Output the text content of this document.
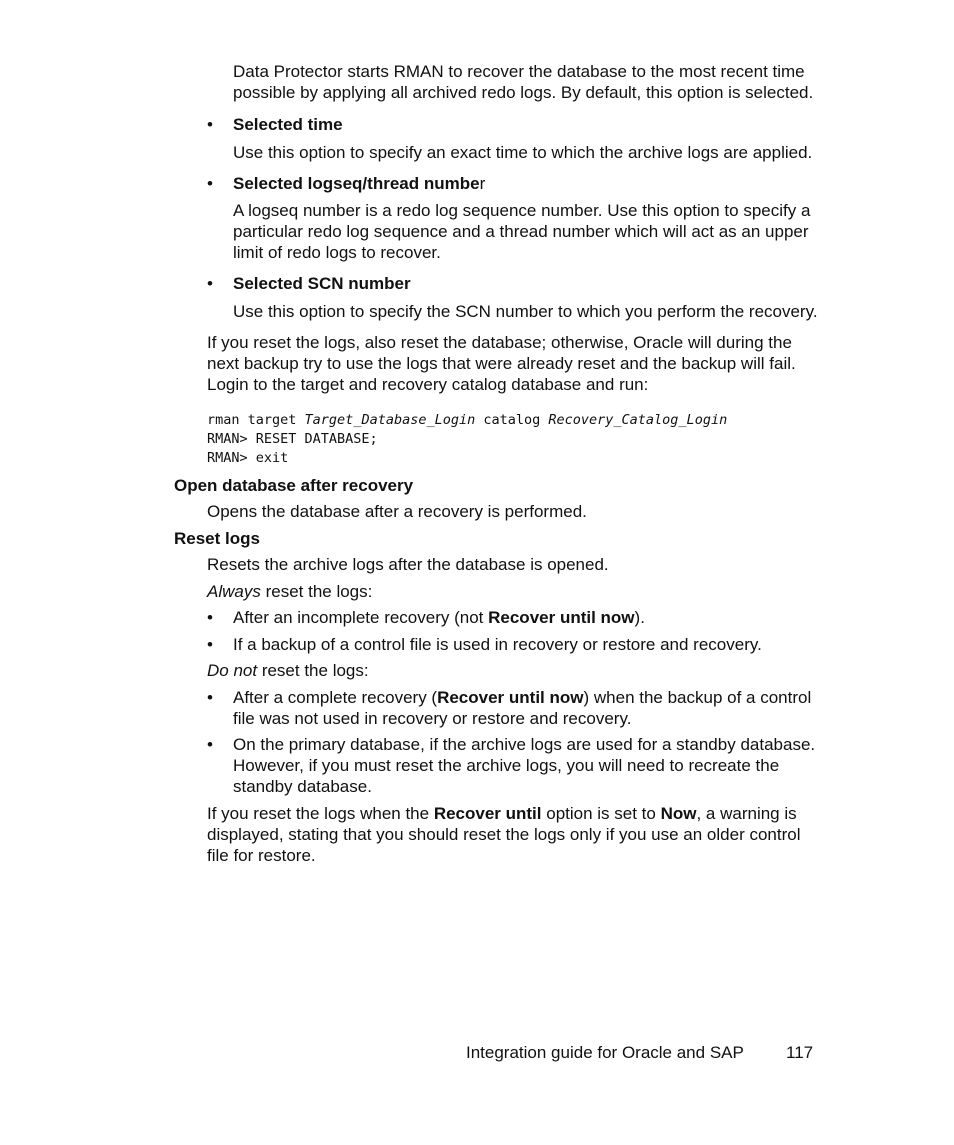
Data Protector starts RMAN to recover the database to the most recent time possible by applying all archived redo logs. By default, this option is selected.
• Selected time
Use this option to specify an exact time to which the archive logs are applied.
• Selected logseq/thread number
A logseq number is a redo log sequence number. Use this option to specify a particular redo log sequence and a thread number which will act as an upper limit of redo logs to recover.
• Selected SCN number
Use this option to specify the SCN number to which you perform the recovery.
If you reset the logs, also reset the database; otherwise, Oracle will during the next backup try to use the logs that were already reset and the backup will fail. Login to the target and recovery catalog database and run:
rman target Target_Database_Login catalog Recovery_Catalog_Login
RMAN> RESET DATABASE;
RMAN> exit
Open database after recovery
Opens the database after a recovery is performed.
Reset logs
Resets the archive logs after the database is opened.
Always reset the logs:
• After an incomplete recovery (not Recover until now).
• If a backup of a control file is used in recovery or restore and recovery.
Do not reset the logs:
• After a complete recovery (Recover until now) when the backup of a control file was not used in recovery or restore and recovery.
• On the primary database, if the archive logs are used for a standby database. However, if you must reset the archive logs, you will need to recreate the standby database.
If you reset the logs when the Recover until option is set to Now, a warning is displayed, stating that you should reset the logs only if you use an older control file for restore.
Integration guide for Oracle and SAP 117
